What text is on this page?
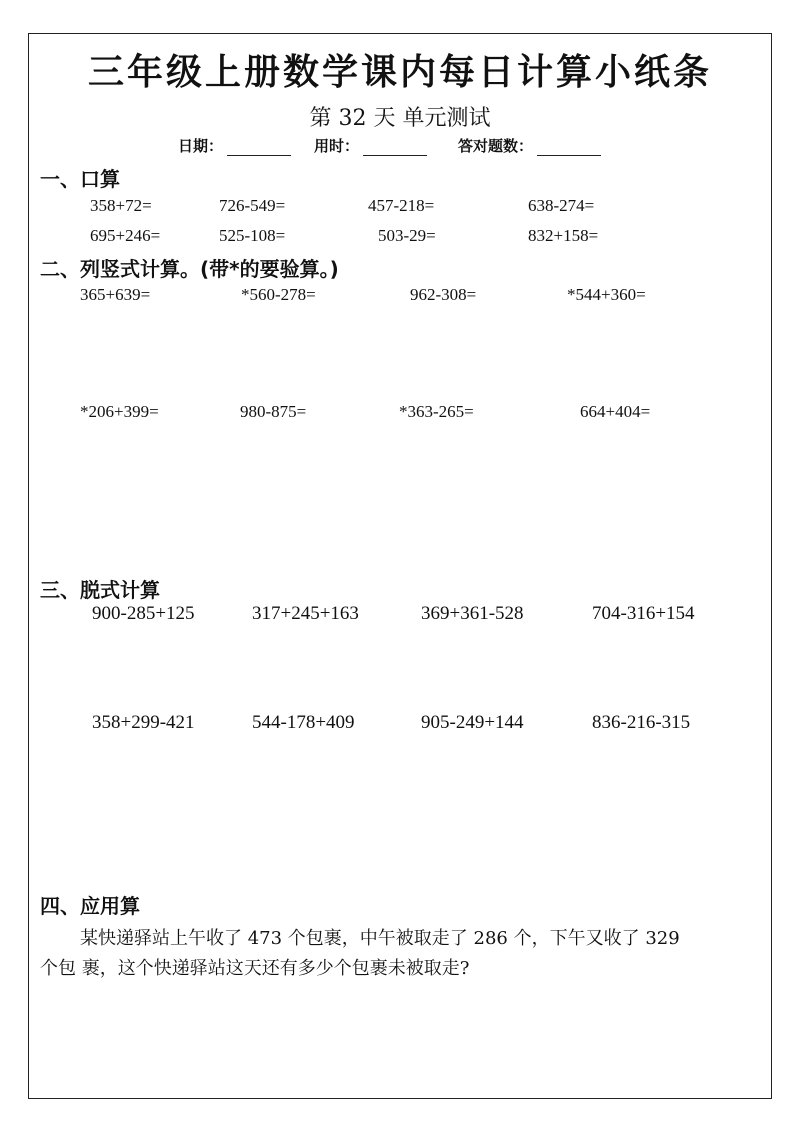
三年级上册数学课内每日计算小纸条
第 32 天 单元测试
日期：	用时：	答对题数：
一、口算
358+72=	726-549=	457-218=	638-274=
695+246=	525-108=	503-29=	832+158=
二、列竖式计算。(带*的要验算。)
365+639=	*560-278=	962-308=	*544+360=
*206+399=	980-875=	*363-265=	664+404=
三、脱式计算
900-285+125	317+245+163	369+361-528	704-316+154
358+299-421	544-178+409	905-249+144	836-216-315
四、应用算
某快递驿站上午收了 473 个包裹，中午被取走了 286 个，下午又收了 329
个包 裹，这个快递驿站这天还有多少个包裹未被取走?
